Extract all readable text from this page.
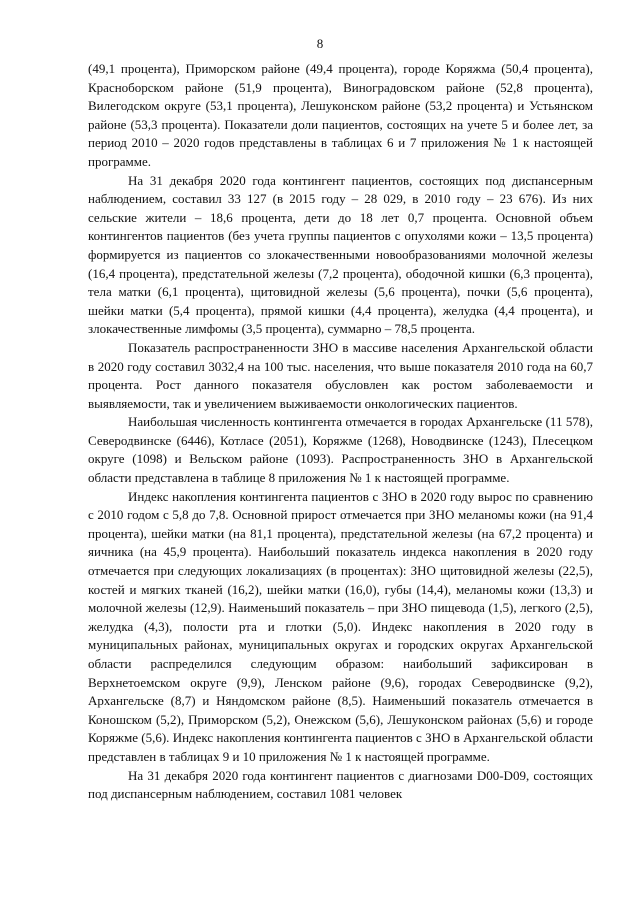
8

(49,1 процента), Приморском районе (49,4 процента), городе Коряжма (50,4 процента), Красноборском районе (51,9 процента), Виноградовском районе (52,8 процента), Вилегодском округе (53,1 процента), Лешуконском районе (53,2 процента) и Устьянском районе (53,3 процента). Показатели доли пациентов, состоящих на учете 5 и более лет, за период 2010 – 2020 годов представлены в таблицах 6 и 7 приложения № 1 к настоящей программе.

На 31 декабря 2020 года контингент пациентов, состоящих под диспансерным наблюдением, составил 33 127 (в 2015 году – 28 029, в 2010 году – 23 676). Из них сельские жители – 18,6 процента, дети до 18 лет 0,7 процента. Основной объем контингентов пациентов (без учета группы пациентов с опухолями кожи – 13,5 процента) формируется из пациентов со злокачественными новообразованиями молочной железы (16,4 процента), предстательной железы (7,2 процента), ободочной кишки (6,3 процента), тела матки (6,1 процента), щитовидной железы (5,6 процента), почки (5,6 процента), шейки матки (5,4 процента), прямой кишки (4,4 процента), желудка (4,4 процента), и злокачественные лимфомы (3,5 процента), суммарно – 78,5 процента.

Показатель распространенности ЗНО в массиве населения Архангельской области в 2020 году составил 3032,4 на 100 тыс. населения, что выше показателя 2010 года на 60,7 процента. Рост данного показателя обусловлен как ростом заболеваемости и выявляемости, так и увеличением выживаемости онкологических пациентов.

Наибольшая численность контингента отмечается в городах Архангельске (11 578), Северодвинске (6446), Котласе (2051), Коряжме (1268), Новодвинске (1243), Плесецком округе (1098) и Вельском районе (1093). Распространенность ЗНО в Архангельской области представлена в таблице 8 приложения № 1 к настоящей программе.

Индекс накопления контингента пациентов с ЗНО в 2020 году вырос по сравнению с 2010 годом с 5,8 до 7,8. Основной прирост отмечается при ЗНО меланомы кожи (на 91,4 процента), шейки матки (на 81,1 процента), предстательной железы (на 67,2 процента) и яичника (на 45,9 процента). Наибольший показатель индекса накопления в 2020 году отмечается при следующих локализациях (в процентах): ЗНО щитовидной железы (22,5), костей и мягких тканей (16,2), шейки матки (16,0), губы (14,4), меланомы кожи (13,3) и молочной железы (12,9). Наименьший показатель – при ЗНО пищевода (1,5), легкого (2,5), желудка (4,3), полости рта и глотки (5,0). Индекс накопления в 2020 году в муниципальных районах, муниципальных округах и городских округах Архангельской области распределился следующим образом: наибольший зафиксирован в Верхнетоемском округе (9,9), Ленском районе (9,6), городах Северодвинске (9,2), Архангельске (8,7) и Няндомском районе (8,5). Наименьший показатель отмечается в Коношском (5,2), Приморском (5,2), Онежском (5,6), Лешуконском районах (5,6) и городе Коряжме (5,6). Индекс накопления контингента пациентов с ЗНО в Архангельской области представлен в таблицах 9 и 10 приложения № 1 к настоящей программе.

На 31 декабря 2020 года контингент пациентов с диагнозами D00-D09, состоящих под диспансерным наблюдением, составил 1081 человек
